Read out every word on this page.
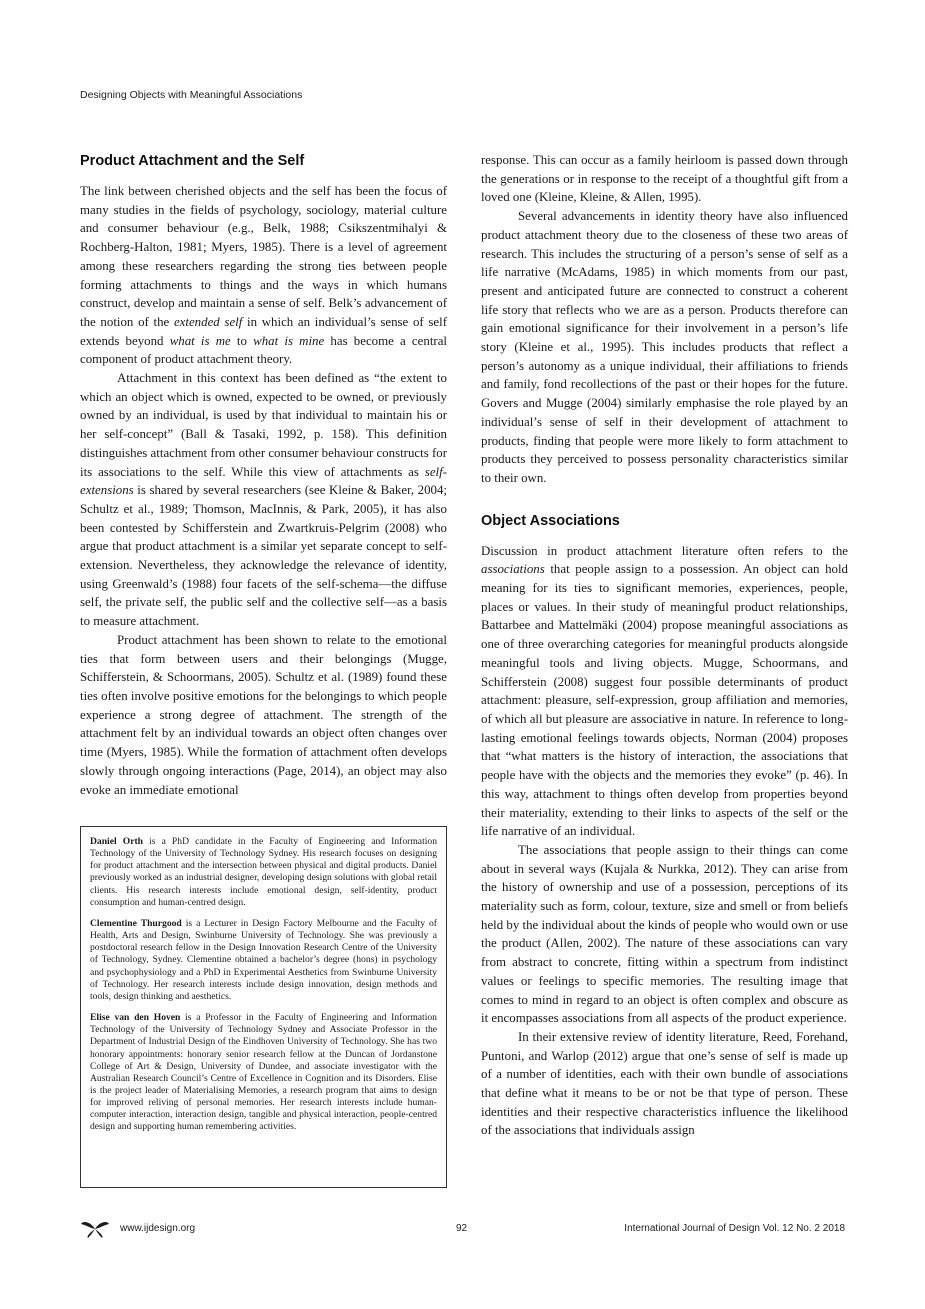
Designing Objects with Meaningful Associations
Product Attachment and the Self

The link between cherished objects and the self has been the focus of many studies in the fields of psychology, sociology, material culture and consumer behaviour (e.g., Belk, 1988; Csikszentmihalyi & Rochberg-Halton, 1981; Myers, 1985). There is a level of agreement among these researchers regarding the strong ties between people forming attachments to things and the ways in which humans construct, develop and maintain a sense of self. Belk’s advancement of the notion of the extended self in which an individual’s sense of self extends beyond what is me to what is mine has become a central component of product attachment theory.

Attachment in this context has been defined as “the extent to which an object which is owned, expected to be owned, or previously owned by an individual, is used by that individual to maintain his or her self-concept” (Ball & Tasaki, 1992, p. 158). This definition distinguishes attachment from other consumer behaviour constructs for its associations to the self. While this view of attachments as self-extensions is shared by several researchers (see Kleine & Baker, 2004; Schultz et al., 1989; Thomson, MacInnis, & Park, 2005), it has also been contested by Schifferstein and Zwartkruis-Pelgrim (2008) who argue that product attachment is a similar yet separate concept to self-extension. Nevertheless, they acknowledge the relevance of identity, using Greenwald’s (1988) four facets of the self-schema—the diffuse self, the private self, the public self and the collective self—as a basis to measure attachment.

Product attachment has been shown to relate to the emotional ties that form between users and their belongings (Mugge, Schifferstein, & Schoormans, 2005). Schultz et al. (1989) found these ties often involve positive emotions for the belongings to which people experience a strong degree of attachment. The strength of the attachment felt by an individual towards an object often changes over time (Myers, 1985). While the formation of attachment often develops slowly through ongoing interactions (Page, 2014), an object may also evoke an immediate emotional

Daniel Orth is a PhD candidate in the Faculty of Engineering and Information Technology of the University of Technology Sydney. His research focuses on designing for product attachment and the intersection between physical and digital products. Daniel previously worked as an industrial designer, developing design solutions with global retail clients. His research interests include emotional design, self-identity, product consumption and human-centred design.

Clementine Thurgood is a Lecturer in Design Factory Melbourne and the Faculty of Health, Arts and Design, Swinburne University of Technology. She was previously a postdoctoral research fellow in the Design Innovation Research Centre of the University of Technology, Sydney. Clementine obtained a bachelor’s degree (hons) in psychology and psychophysiology and a PhD in Experimental Aesthetics from Swinburne University of Technology. Her research interests include design innovation, design methods and tools, design thinking and aesthetics.

Elise van den Hoven is a Professor in the Faculty of Engineering and Information Technology of the University of Technology Sydney and Associate Professor in the Department of Industrial Design of the Eindhoven University of Technology. She has two honorary appointments: honorary senior research fellow at the Duncan of Jordanstone College of Art & Design, University of Dundee, and associate investigator with the Australian Research Council’s Centre of Excellence in Cognition and its Disorders. Elise is the project leader of Materialising Memories, a research program that aims to design for improved reliving of personal memories. Her research interests include human-computer interaction, interaction design, tangible and physical interaction, people-centred design and supporting human remembering activities.

response. This can occur as a family heirloom is passed down through the generations or in response to the receipt of a thoughtful gift from a loved one (Kleine, Kleine, & Allen, 1995).

Several advancements in identity theory have also influenced product attachment theory due to the closeness of these two areas of research. This includes the structuring of a person’s sense of self as a life narrative (McAdams, 1985) in which moments from our past, present and anticipated future are connected to construct a coherent life story that reflects who we are as a person. Products therefore can gain emotional significance for their involvement in a person’s life story (Kleine et al., 1995). This includes products that reflect a person’s autonomy as a unique individual, their affiliations to friends and family, fond recollections of the past or their hopes for the future. Govers and Mugge (2004) similarly emphasise the role played by an individual’s sense of self in their development of attachment to products, finding that people were more likely to form attachment to products they perceived to possess personality characteristics similar to their own.

Object Associations

Discussion in product attachment literature often refers to the associations that people assign to a possession. An object can hold meaning for its ties to significant memories, experiences, people, places or values. In their study of meaningful product relationships, Battarbee and Mattelmäki (2004) propose meaningful associations as one of three overarching categories for meaningful products alongside meaningful tools and living objects. Mugge, Schoormans, and Schifferstein (2008) suggest four possible determinants of product attachment: pleasure, self-expression, group affiliation and memories, of which all but pleasure are associative in nature. In reference to long-lasting emotional feelings towards objects, Norman (2004) proposes that “what matters is the history of interaction, the associations that people have with the objects and the memories they evoke” (p. 46). In this way, attachment to things often develop from properties beyond their materiality, extending to their links to aspects of the self or the life narrative of an individual.

The associations that people assign to their things can come about in several ways (Kujala & Nurkka, 2012). They can arise from the history of ownership and use of a possession, perceptions of its materiality such as form, colour, texture, size and smell or from beliefs held by the individual about the kinds of people who would own or use the product (Allen, 2002). The nature of these associations can vary from abstract to concrete, fitting within a spectrum from indistinct values or feelings to specific memories. The resulting image that comes to mind in regard to an object is often complex and obscure as it encompasses associations from all aspects of the product experience.

In their extensive review of identity literature, Reed, Forehand, Puntoni, and Warlop (2012) argue that one’s sense of self is made up of a number of identities, each with their own bundle of associations that define what it means to be or not be that type of person. These identities and their respective characteristics influence the likelihood of the associations that individuals assign

www.ijdesign.org	92	International Journal of Design Vol. 12 No. 2 2018
